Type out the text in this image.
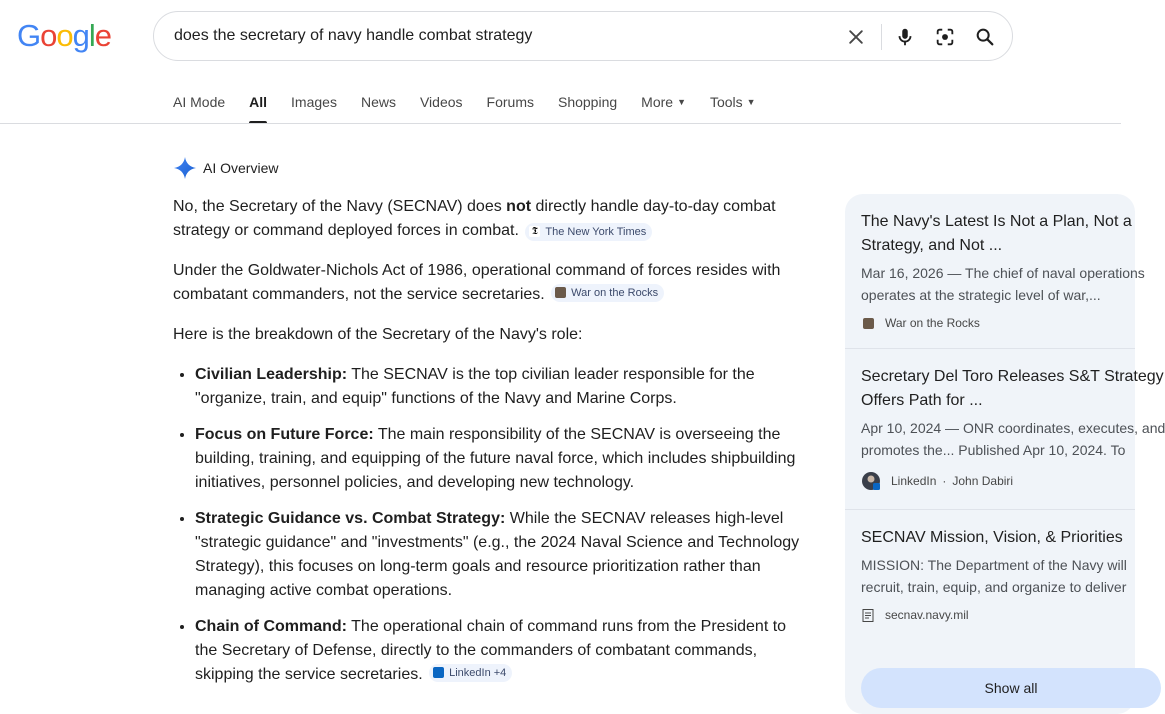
Google	does the secretary of navy handle combat strategy
AI Mode All Images News Videos Forums Shopping More ▼ Tools ▼
AI Overview

No, the Secretary of the Navy (SECNAV) does not directly handle day-to-day combat strategy or command deployed forces in combat. 𝕿 The New York Times

Under the Goldwater-Nichols Act of 1986, operational command of forces resides with combatant commanders, not the service secretaries. War on the Rocks

Here is the breakdown of the Secretary of the Navy's role:

• Civilian Leadership: The SECNAV is the top civilian leader responsible for the "organize, train, and equip" functions of the Navy and Marine Corps.
• Focus on Future Force: The main responsibility of the SECNAV is overseeing the building, training, and equipping of the future naval force, which includes shipbuilding initiatives, personnel policies, and developing new technology.
• Strategic Guidance vs. Combat Strategy: While the SECNAV releases high-level "strategic guidance" and "investments" (e.g., the 2024 Naval Science and Technology Strategy), this focuses on long-term goals and resource prioritization rather than managing active combat operations.
• Chain of Command: The operational chain of command runs from the President to the Secretary of Defense, directly to the commanders of combatant commands, skipping the service secretaries. LinkedIn +4
The Navy's Latest Is Not a Plan, Not a
Strategy, and Not ...
Mar 16, 2026 — The chief of naval operations
operates at the strategic level of war,...
War on the Rocks
Secretary Del Toro Releases S&T Strategy
Offers Path for ...
Apr 10, 2024 — ONR coordinates, executes, and
promotes the... Published Apr 10, 2024. To
LinkedIn · John Dabiri
SECNAV Mission, Vision, & Priorities
MISSION: The Department of the Navy will
recruit, train, equip, and organize to deliver
secnav.navy.mil
Show all
